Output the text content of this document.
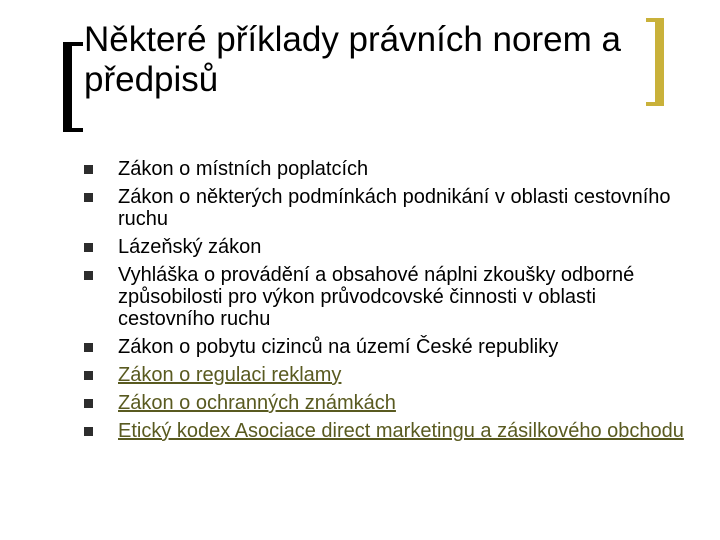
Některé příklady právních norem a předpisů
Zákon o místních poplatcích
Zákon o některých podmínkách podnikání v oblasti cestovního ruchu
Lázeňský zákon
Vyhláška o provádění a obsahové náplni zkoušky odborné způsobilosti pro výkon průvodcovské činnosti v oblasti cestovního ruchu
Zákon o pobytu cizinců na území České republiky
Zákon o regulaci reklamy
Zákon o ochranných známkách
Etický kodex Asociace direct marketingu a zásilkového obchodu
